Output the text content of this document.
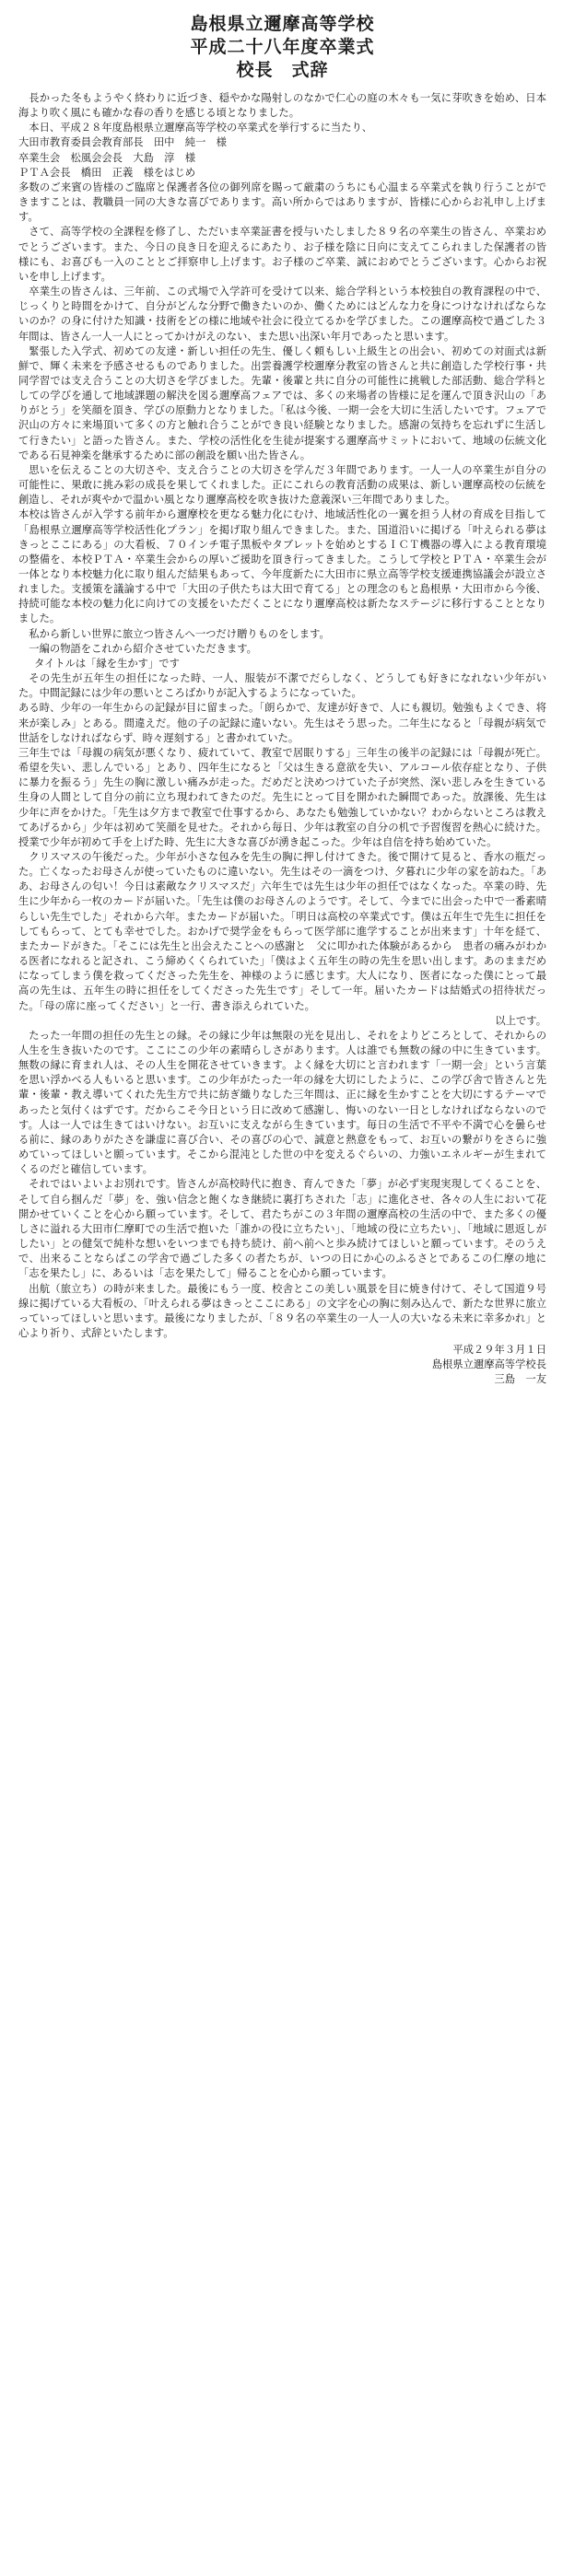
島根県立邇摩高等学校
平成二十八年度卒業式
校長　式辞

長かった冬もようやく終わりに近づき、穏やかな陽射しのなかで仁心の庭の木々も一気に芽吹きを始め、日本海より吹く風にも確かな春の香りを感じる頃となりました。

本日、平成２８年度島根県立邇摩高等学校の卒業式を挙行するに当たり、

大田市教育委員会教育部長　田中　純一　様

卒業生会　松風会会長　大島　淳　様

ＰＴＡ会長　橋田　正義　様をはじめ

多数のご来賓の皆様のご臨席と保護者各位の御列席を賜って厳粛のうちにも心温まる卒業式を執り行うことができますことは、教職員一同の大きな喜びであります。高い所からではありますが、皆様に心からお礼申し上げます。

さて、高等学校の全課程を修了し、ただいま卒業証書を授与いたしました８９名の卒業生の皆さん、卒業おめでとうございます。また、今日の良き日を迎えるにあたり、お子様を陰に日向に支えてこられました保護者の皆様にも、お喜びも一入のこととご拝察申し上げます。お子様のご卒業、誠におめでとうございます。心からお祝いを申し上げます。

卒業生の皆さんは、三年前、この式場で入学許可を受けて以来、総合学科という本校独自の教育課程の中で、じっくりと時間をかけて、自分がどんな分野で働きたいのか、働くためにはどんな力を身につけなければならないのか？の身に付けた知識・技術をどの様に地域や社会に役立てるかを学びました。この邇摩高校で過ごした３年間は、皆さん一人一人にとってかけがえのない、また思い出深い年月であったと思います。

緊張した入学式、初めての友達・新しい担任の先生、優しく頼もしい上級生との出会い、初めての対面式は新鮮で、輝く未来を予感させるものでありました。出雲養護学校邇摩分教室の皆さんと共に創造した学校行事・共同学習では支え合うことの大切さを学びました。先輩・後輩と共に自分の可能性に挑戦した部活動、総合学科としての学びを通して地域課題の解決を図る邇摩高フェアでは、多くの来場者の皆様に足を運んで頂き沢山の「ありがとう」を笑顔を頂き、学びの原動力となりました。「私は今後、一期一会を大切に生活したいです。フェアで沢山の方々に来場頂いて多くの方と触れ合うことができ良い経験となりました。感謝の気持ちを忘れずに生活して行きたい」と語った皆さん。また、学校の活性化を生徒が提案する邇摩高サミットにおいて、地域の伝統文化である石見神楽を継承するために部の創設を願い出た皆さん。

思いを伝えることの大切さや、支え合うことの大切さを学んだ３年間であります。一人一人の卒業生が自分の可能性に、果敢に挑み彩の成長を果してくれました。正にこれらの教育活動の成果は、新しい邇摩高校の伝統を創造し、それが爽やかで温かい風となり邇摩高校を吹き抜けた意義深い三年間でありました。

本校は皆さんが入学する前年から邇摩校を更なる魅力化にむけ、地域活性化の一翼を担う人材の育成を目指して「島根県立邇摩高等学校活性化プラン」を掲げ取り組んできました。また、国道沿いに掲げる「叶えられる夢はきっとここにある」の大看板、７０インチ電子黒板やタブレットを始めとするＩＣＴ機器の導入による教育環境の整備を、本校ＰＴＡ・卒業生会からの厚いご援助を頂き行ってきました。こうして学校とＰＴＡ・卒業生会が一体となり本校魅力化に取り組んだ結果もあって、今年度新たに大田市に県立高等学校支援連携協議会が設立されました。支援策を議論する中で「大田の子供たちは大田で育てる」との理念のもと島根県・大田市から今後、持続可能な本校の魅力化に向けての支援をいただくことになり邇摩高校は新たなステージに移行することとなりました。

私から新しい世界に旅立つ皆さんへ一つだけ贈りものをします。

一編の物語をこれから紹介させていただきます。

タイトルは「縁を生かす」です

その先生が五年生の担任になった時、一人、服装が不潔でだらしなく、どうしても好きになれない少年がいた。中間記録には少年の悪いところばかりが記入するようになっていた。

ある時、少年の一年生からの記録が目に留まった。「朗らかで、友達が好きで、人にも親切。勉強もよくでき、将来が楽しみ」とある。間違えだ。他の子の記録に違いない。先生はそう思った。二年生になると「母親が病気で世話をしなければならず、時々遅刻する」と書かれていた。

三年生では「母親の病気が悪くなり、疲れていて、教室で居眠りする」三年生の後半の記録には「母親が死亡。希望を失い、悲しんでいる」とあり、四年生になると「父は生きる意欲を失い、アルコール依存症となり、子供に暴力を振るう」先生の胸に激しい痛みが走った。だめだと決めつけていた子が突然、深い悲しみを生きている生身の人間として自分の前に立ち現われてきたのだ。先生にとって目を開かれた瞬間であった。放課後、先生は少年に声をかけた。「先生は夕方まで教室で仕事するから、あなたも勉強していかない？わからないところは教えてあげるから」少年は初めて笑顔を見せた。それから毎日、少年は教室の自分の机で予習復習を熱心に続けた。授業で少年が初めて手を上げた時、先生に大きな喜びが湧き起こった。少年は自信を持ち始めていた。

クリスマスの午後だった。少年が小さな包みを先生の胸に押し付けてきた。後で開けて見ると、香水の瓶だった。亡くなったお母さんが使っていたものに違いない。先生はその一滴をつけ、夕暮れに少年の家を訪ねた。「ああ、お母さんの匂い！今日は素敵なクリスマスだ」六年生では先生は少年の担任ではなくなった。卒業の時、先生に少年から一枚のカードが届いた。「先生は僕のお母さんのようです。そして、今までに出会った中で一番素晴らしい先生でした」それから六年。またカードが届いた。「明日は高校の卒業式です。僕は五年生で先生に担任をしてもらって、とても幸せでした。おかげで奨学金をもらって医学部に進学することが出来ます」十年を経て、またカードがきた。「そこには先生と出会えたことへの感謝と　父に叩かれた体験があるから　患者の痛みがわかる医者になれると記され、こう締めくくられていた」「僕はよく五年生の時の先生を思い出します。あのままだめになってしまう僕を救ってくださった先生を、神様のように感じます。大人になり、医者になった僕にとって最高の先生は、五年生の時に担任をしてくださった先生です」そして一年。届いたカードは結婚式の招待状だった。「母の席に座ってください」と一行、書き添えられていた。

以上です。

たった一年間の担任の先生との縁。その縁に少年は無限の光を見出し、それをよりどころとして、それからの人生を生き抜いたのです。ここにこの少年の素晴らしさがあります。人は誰でも無数の縁の中に生きています。無数の縁に育まれ人は、その人生を開花させていきます。よく縁を大切にと言われます「一期一会」という言葉を思い浮かべる人もいると思います。この少年がたった一年の縁を大切にしたように、この学び舎で皆さんと先輩・後輩・教え導いてくれた先生方で共に紡ぎ織りなした三年間は、正に縁を生かすことを大切にするテーマであったと気付くはずです。だからこそ今日という日に改めて感謝し、悔いのない一日としなければならないのです。人は一人では生きてはいけない。お互いに支えながら生きています。毎日の生活で不平や不満で心を曇らせる前に、縁のありがたさを謙虚に喜び合い、その喜びの心で、誠意と熱意をもって、お互いの繋がりをさらに強めていってほしいと願っています。そこから混沌とした世の中を変えるぐらいの、力強いエネルギーが生まれてくるのだと確信しています。

それではいよいよお別れです。皆さんが高校時代に抱き、育んできた「夢」が必ず実現実現してくることを、そして自ら掴んだ「夢」を、強い信念と飽くなき継続に裏打ちされた「志」に進化させ、各々の人生において花開かせていくことを心から願っています。そして、君たちがこの３年間の邇摩高校の生活の中で、また多くの優しさに溢れる大田市仁摩町での生活で抱いた「誰かの役に立ちたい」、「地域の役に立ちたい」、「地域に恩返しがしたい」との健気で純朴な想いをいつまでも持ち続け、前へ前へと歩み続けてほしいと願っています。そのうえで、出来ることならばこの学舎で過ごした多くの者たちが、いつの日にか心のふるさとであるこの仁摩の地に「志を果たし」に、あるいは「志を果たして」帰ることを心から願っています。

出航（旅立ち）の時が来ました。最後にもう一度、校舎とこの美しい風景を目に焼き付けて、そして国道９号線に掲げている大看板の、「叶えられる夢はきっとここにある」の文字を心の胸に刻み込んで、新たな世界に旅立っていってほしいと思います。最後になりましたが、「８９名の卒業生の一人一人の大いなる未来に幸多かれ」と心より祈り、式辞といたします。

平成２９年３月１日

島根県立邇摩高等学校長

三島　一友
